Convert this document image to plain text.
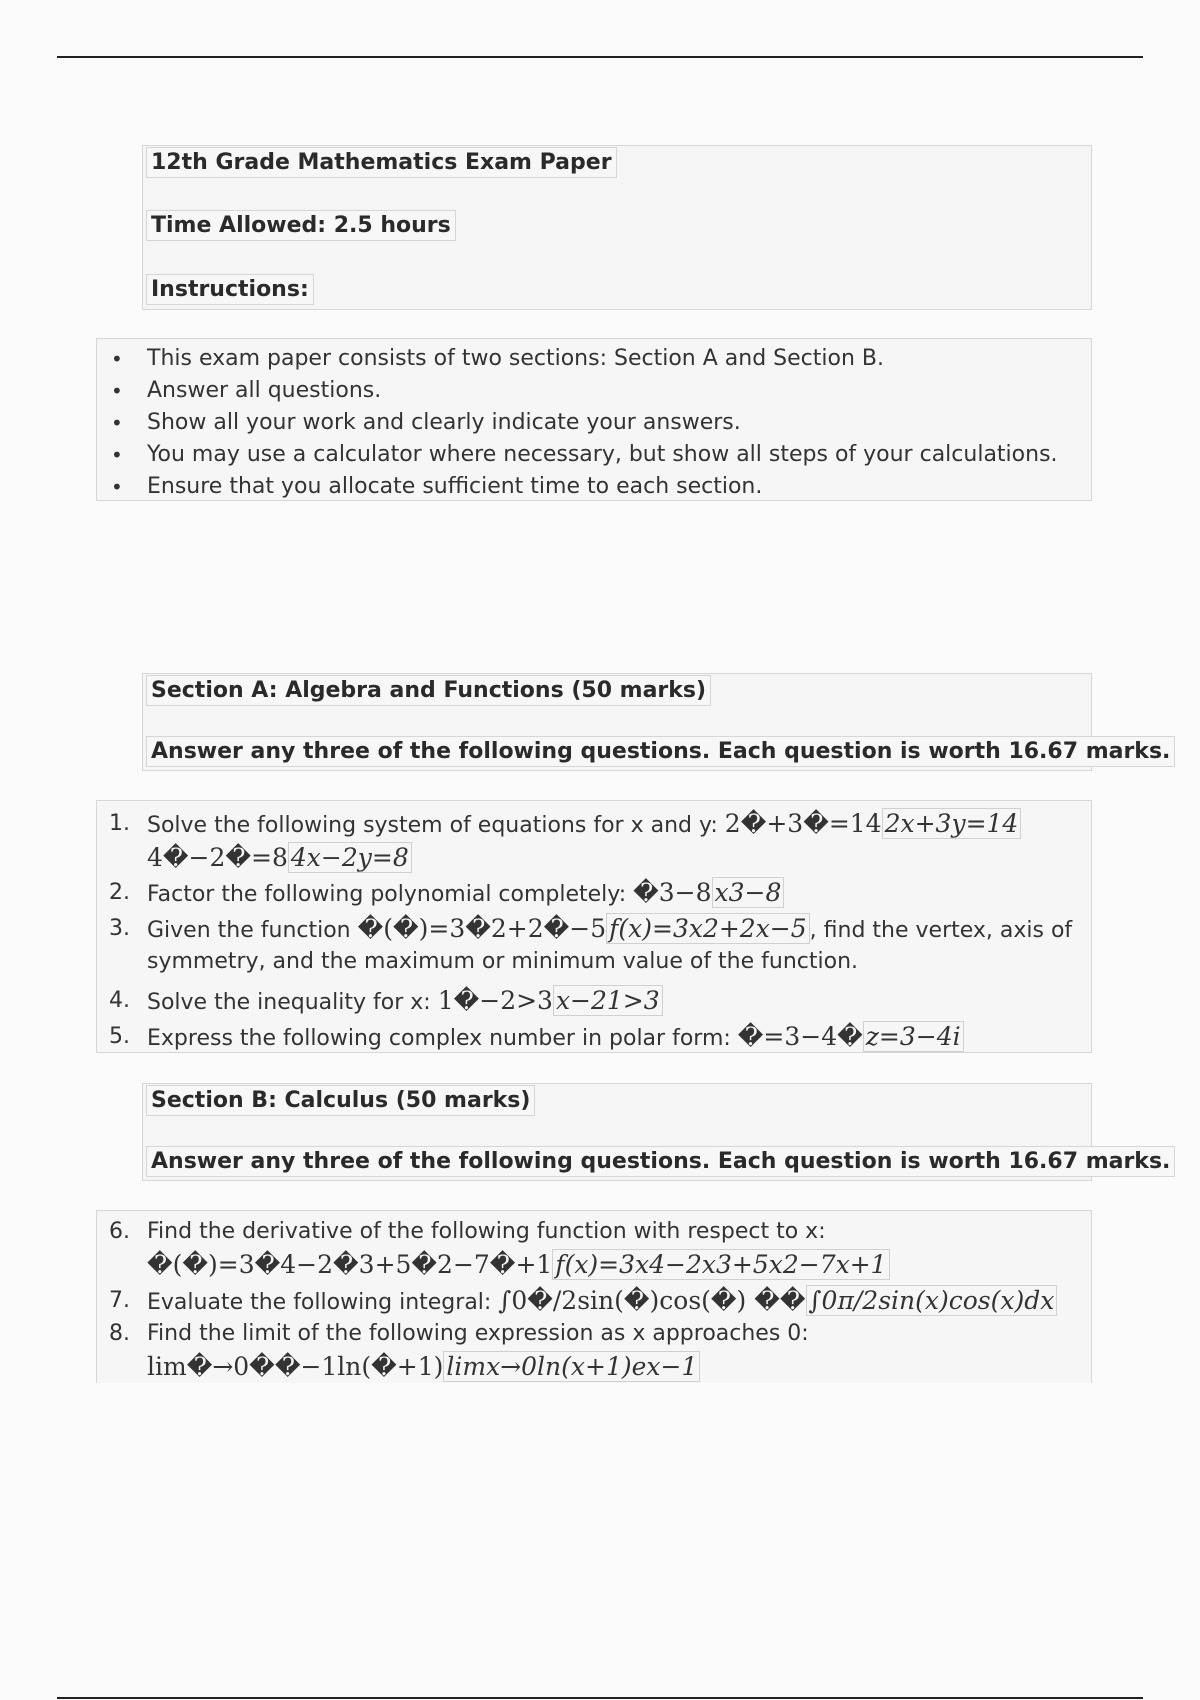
12th Grade Mathematics Exam Paper
Time Allowed: 2.5 hours
Instructions:
• This exam paper consists of two sections: Section A and Section B.
• Answer all questions.
• Show all your work and clearly indicate your answers.
• You may use a calculator where necessary, but show all steps of your calculations.
• Ensure that you allocate sufficient time to each section.
Section A: Algebra and Functions (50 marks)
Answer any three of the following questions. Each question is worth 16.67 marks.
1. Solve the following system of equations for x and y: 2�+3�=14 2x+3y=14
4�−2�=8 4x−2y=8
2. Factor the following polynomial completely: �3−8 x3−8
3. Given the function �(�)=3�2+2�−5 f(x)=3x2+2x−5 , find the vertex, axis of
symmetry, and the maximum or minimum value of the function.
4. Solve the inequality for x: 1�−2>3 x−21>3
5. Express the following complex number in polar form: �=3−4� z=3−4i
Section B: Calculus (50 marks)
Answer any three of the following questions. Each question is worth 16.67 marks.
6. Find the derivative of the following function with respect to x:
�(�)=3�4−2�3+5�2−7�+1 f(x)=3x4−2x3+5x2−7x+1
7. Evaluate the following integral: ∫0�/2sin(�)cos(�) �� ∫0π/2sin(x)cos(x)dx
8. Find the limit of the following expression as x approaches 0:
lim�→0��−1ln(�+1) limx→0ln(x+1)ex−1
